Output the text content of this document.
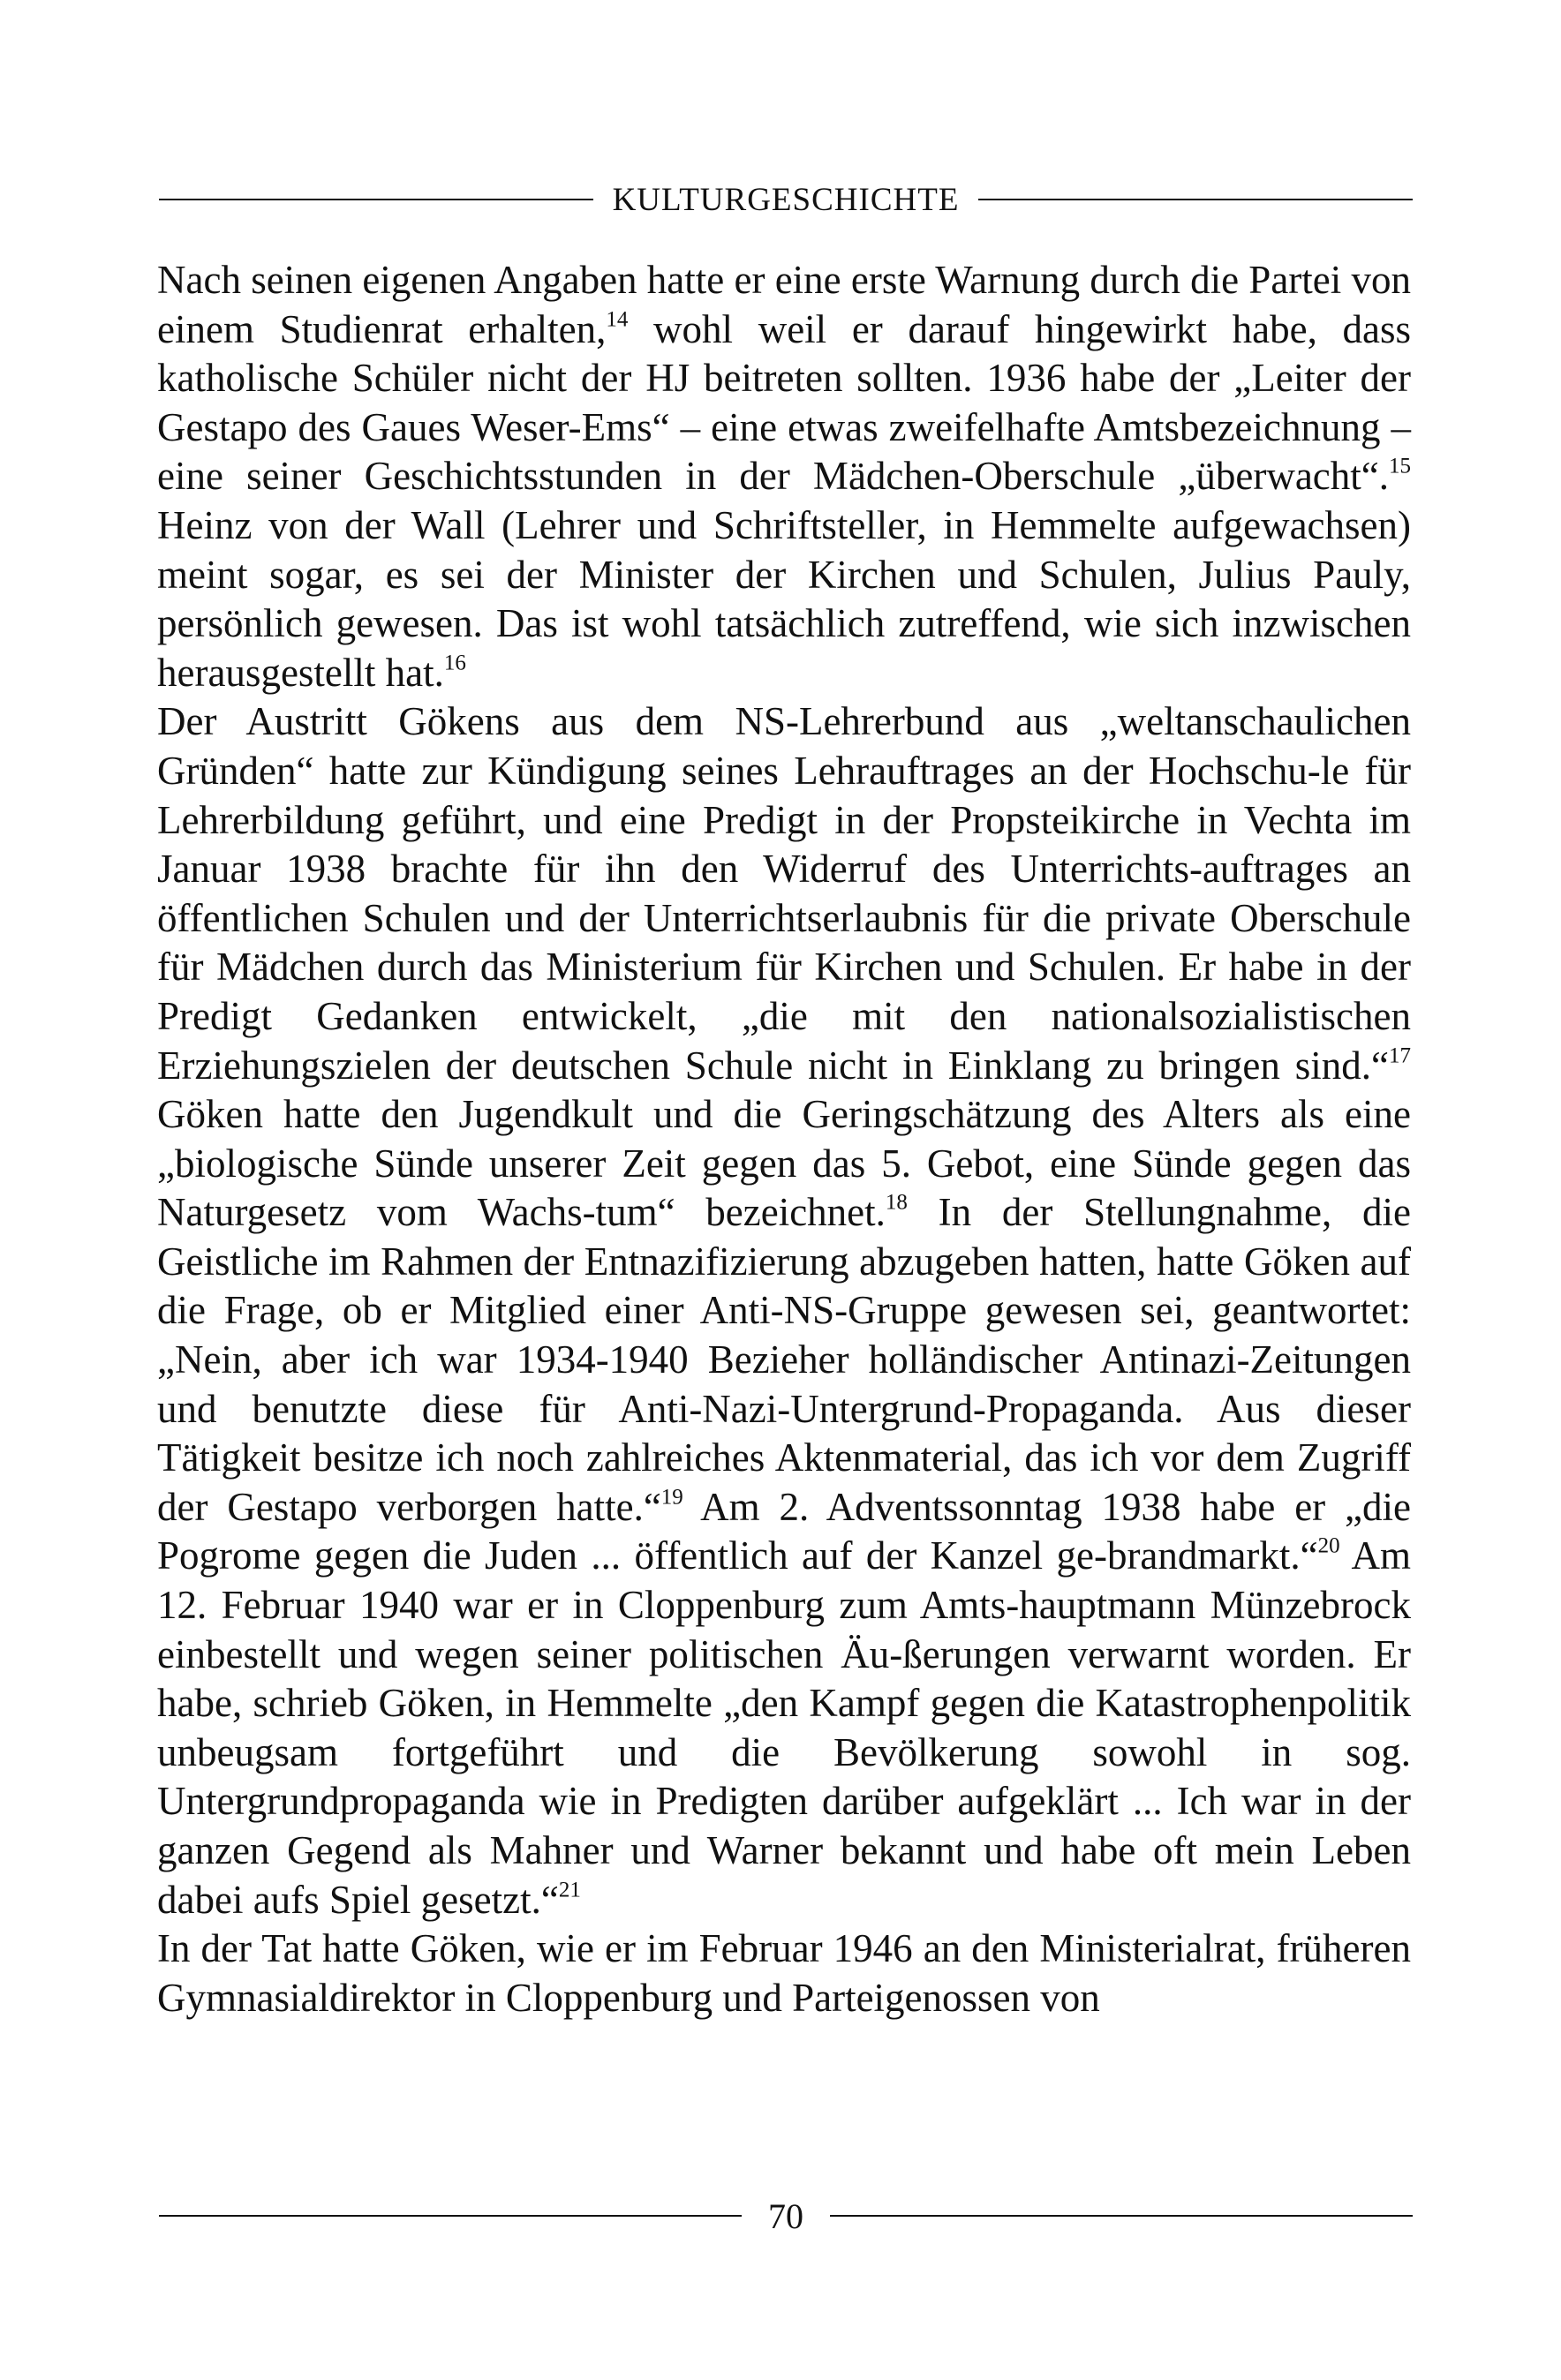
KULTURGESCHICHTE

Nach seinen eigenen Angaben hatte er eine erste Warnung durch die Partei von einem Studienrat erhalten,$^{14}$ wohl weil er darauf hingewirkt habe, dass katholische Schüler nicht der HJ beitreten sollten. 1936 habe der „Leiter der Gestapo des Gaues Weser-Ems“ – eine etwas zweifelhafte Amtsbezeichnung – eine seiner Geschichtsstunden in der Mädchen-Oberschule „überwacht“.$^{15}$ Heinz von der Wall (Lehrer und Schriftsteller, in Hemmelte aufgewachsen) meint sogar, es sei der Minister der Kirchen und Schulen, Julius Pauly, persönlich gewesen. Das ist wohl tatsächlich zutreffend, wie sich inzwischen herausgestellt hat.$^{16}$

Der Austritt Gökens aus dem NS-Lehrerbund aus „weltanschaulichen Gründen“ hatte zur Kündigung seines Lehrauftrages an der Hochschu-le für Lehrerbildung geführt, und eine Predigt in der Propsteikirche in Vechta im Januar 1938 brachte für ihn den Widerruf des Unterrichts-auftrages an öffentlichen Schulen und der Unterrichtserlaubnis für die private Oberschule für Mädchen durch das Ministerium für Kirchen und Schulen. Er habe in der Predigt Gedanken entwickelt, „die mit den nationalsozialistischen Erziehungszielen der deutschen Schule nicht in Einklang zu bringen sind.“$^{17}$ Göken hatte den Jugendkult und die Geringschätzung des Alters als eine „biologische Sünde unserer Zeit gegen das 5. Gebot, eine Sünde gegen das Naturgesetz vom Wachs-tum“ bezeichnet.$^{18}$ In der Stellungnahme, die Geistliche im Rahmen der Entnazifizierung abzugeben hatten, hatte Göken auf die Frage, ob er Mitglied einer Anti-NS-Gruppe gewesen sei, geantwortet: „Nein, aber ich war 1934-1940 Bezieher holländischer Antinazi-Zeitungen und benutzte diese für Anti-Nazi-Untergrund-Propaganda. Aus dieser Tätigkeit besitze ich noch zahlreiches Aktenmaterial, das ich vor dem Zugriff der Gestapo verborgen hatte.“$^{19}$ Am 2. Adventssonntag 1938 habe er „die Pogrome gegen die Juden ... öffentlich auf der Kanzel ge-brandmarkt.“$^{20}$ Am 12. Februar 1940 war er in Cloppenburg zum Amts-hauptmann Münzebrock einbestellt und wegen seiner politischen Äu-ßerungen verwarnt worden. Er habe, schrieb Göken, in Hemmelte „den Kampf gegen die Katastrophenpolitik unbeugsam fortgeführt und die Bevölkerung sowohl in sog. Untergrundpropaganda wie in Predigten darüber aufgeklärt ... Ich war in der ganzen Gegend als Mahner und Warner bekannt und habe oft mein Leben dabei aufs Spiel gesetzt.“$^{21}$

In der Tat hatte Göken, wie er im Februar 1946 an den Ministerialrat, früheren Gymnasialdirektor in Cloppenburg und Parteigenossen von

70
